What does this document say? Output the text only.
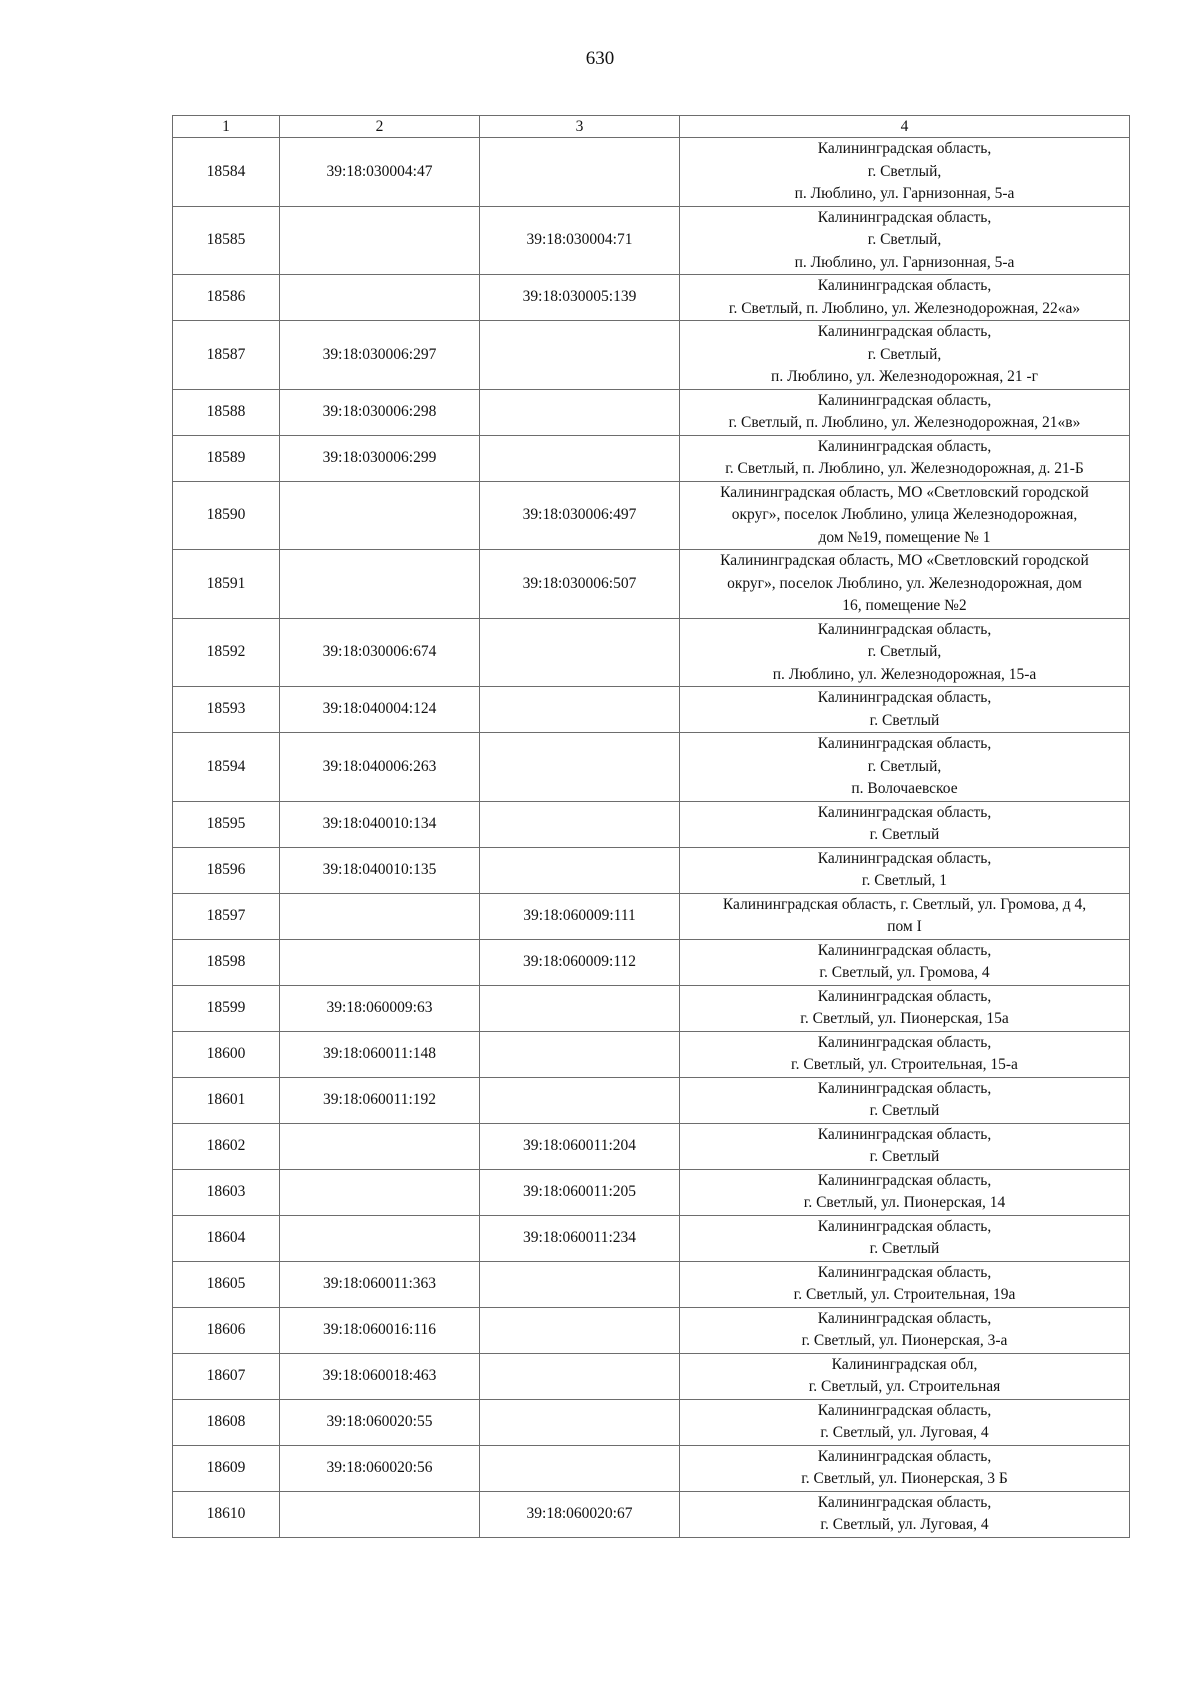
630
1	2	3	4
18584	39:18:030004:47		Калининградская область,
г. Светлый,
п. Люблино, ул. Гарнизонная, 5-а

18585		39:18:030004:71	Калининградская область,
г. Светлый,
п. Люблино, ул. Гарнизонная, 5-а

18586		39:18:030005:139	Калининградская область,
г. Светлый, п. Люблино, ул. Железнодорожная, 22«а»

18587	39:18:030006:297		Калининградская область,
г. Светлый,
п. Люблино, ул. Железнодорожная, 21 -г

18588	39:18:030006:298		Калининградская область,
г. Светлый, п. Люблино, ул. Железнодорожная, 21«в»

18589	39:18:030006:299		Калининградская область,
г. Светлый, п. Люблино, ул. Железнодорожная, д. 21-Б

18590		39:18:030006:497	Калининградская область, МО «Светловский городской
округ», поселок Люблино, улица Железнодорожная,
дом №19, помещение № 1

18591		39:18:030006:507	Калининградская область, МО «Светловский городской
округ», поселок Люблино, ул. Железнодорожная, дом
16, помещение №2

18592	39:18:030006:674		Калининградская область,
г. Светлый,
п. Люблино, ул. Железнодорожная, 15-а

18593	39:18:040004:124		Калининградская область,
г. Светлый

18594	39:18:040006:263		Калининградская область,
г. Светлый,
п. Волочаевское

18595	39:18:040010:134		Калининградская область,
г. Светлый

18596	39:18:040010:135		Калининградская область,
г. Светлый, 1

18597		39:18:060009:111	Калининградская область, г. Светлый, ул. Громова, д 4,
пом I

18598		39:18:060009:112	Калининградская область,
г. Светлый, ул. Громова, 4

18599	39:18:060009:63		Калининградская область,
г. Светлый, ул. Пионерская, 15а

18600	39:18:060011:148		Калининградская область,
г. Светлый, ул. Строительная, 15-а

18601	39:18:060011:192		Калининградская область,
г. Светлый

18602		39:18:060011:204	Калининградская область,
г. Светлый

18603		39:18:060011:205	Калининградская область,
г. Светлый, ул. Пионерская, 14

18604		39:18:060011:234	Калининградская область,
г. Светлый

18605	39:18:060011:363		Калининградская область,
г. Светлый, ул. Строительная, 19а

18606	39:18:060016:116		Калининградская область,
г. Светлый, ул. Пионерская, 3-а

18607	39:18:060018:463		Калининградская обл,
г. Светлый, ул. Строительная

18608	39:18:060020:55		Калининградская область,
г. Светлый, ул. Луговая, 4

18609	39:18:060020:56		Калининградская область,
г. Светлый, ул. Пионерская, 3 Б

18610		39:18:060020:67	Калининградская область,
г. Светлый, ул. Луговая, 4
